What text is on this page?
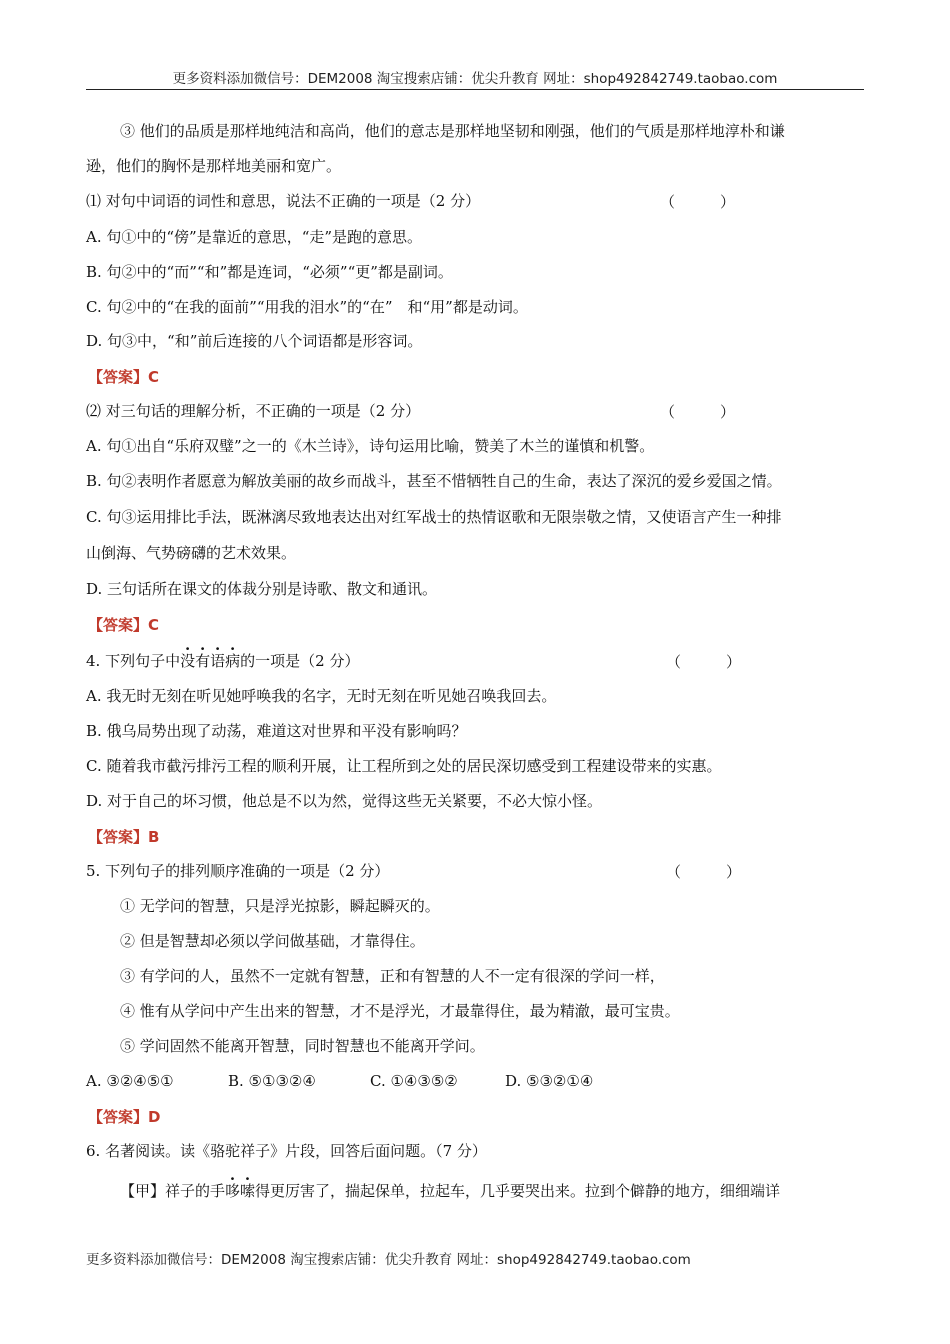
更多资料添加微信号：DEM2008 淘宝搜索店铺：优尖升教育 网址：shop492842749.taobao.com
③ 他们的品质是那样地纯洁和高尚，他们的意志是那样地坚韧和刚强，他们的气质是那样地淳朴和谦
逊，他们的胸怀是那样地美丽和宽广。
⑴ 对句中词语的词性和意思，说法不正确的一项是（2 分）	（　　　）
A. 句①中的“傍”是靠近的意思，“走”是跑的意思。
B. 句②中的“而”“和”都是连词，“必须”“更”都是副词。
C. 句②中的“在我的面前”“用我的泪水”的“在”　和“用”都是动词。
D. 句③中，“和”前后连接的八个词语都是形容词。
【答案】C
⑵ 对三句话的理解分析，不正确的一项是（2 分）	（　　　）
A. 句①出自“乐府双璧”之一的《木兰诗》，诗句运用比喻，赞美了木兰的谨慎和机警。
B. 句②表明作者愿意为解放美丽的故乡而战斗，甚至不惜牺牲自己的生命，表达了深沉的爱乡爱国之情。
C. 句③运用排比手法，既淋漓尽致地表达出对红军战士的热情讴歌和无限崇敬之情，又使语言产生一种排
山倒海、气势磅礴的艺术效果。
D. 三句话所在课文的体裁分别是诗歌、散文和通讯。
【答案】C
4. 下列句子中没有语病的一项是（2 分）	（　　　）
A. 我无时无刻在听见她呼唤我的名字，无时无刻在听见她召唤我回去。
B. 俄乌局势出现了动荡，难道这对世界和平没有影响吗？
C. 随着我市截污排污工程的顺利开展，让工程所到之处的居民深切感受到工程建设带来的实惠。
D. 对于自己的坏习惯，他总是不以为然，觉得这些无关紧要，不必大惊小怪。
【答案】B
5. 下列句子的排列顺序准确的一项是（2 分）	（　　　）
① 无学问的智慧，只是浮光掠影，瞬起瞬灭的。
② 但是智慧却必须以学问做基础，才靠得住。
③ 有学问的人，虽然不一定就有智慧，正和有智慧的人不一定有很深的学问一样，
④ 惟有从学问中产生出来的智慧，才不是浮光，才最靠得住，最为精澈，最可宝贵。
⑤ 学问固然不能离开智慧，同时智慧也不能离开学问。
A. ③②④⑤①	B. ⑤①③②④	C. ①④③⑤②	D. ⑤③②①④
【答案】D
6. 名著阅读。读《骆驼祥子》片段，回答后面问题。（7 分）
【甲】祥子的手哆嗦得更厉害了，揣起保单，拉起车，几乎要哭出来。拉到个僻静的地方，细细端详
更多资料添加微信号：DEM2008 淘宝搜索店铺：优尖升教育 网址：shop492842749.taobao.com
